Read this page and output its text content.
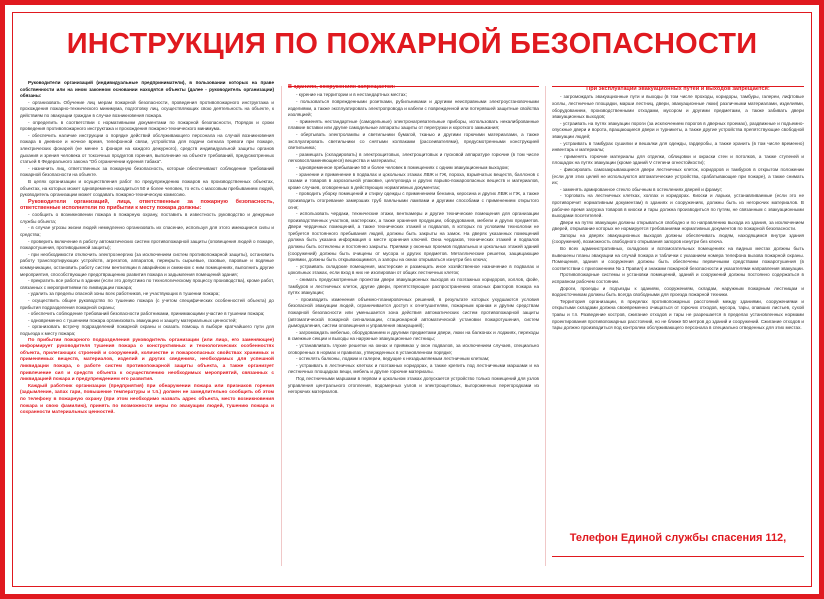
ИНСТРУКЦИЯ ПО ПОЖАРНОЙ БЕЗОПАСНОСТИ

Руководители организаций (индивидуальные предприниматели), в пользовании которых на праве собственности или на ином законном основании находятся объекты (далее - руководитель организации) обязаны:

- организовать Обучение лиц мерам пожарной безопасности, проведения противопожарного инструктажа и прохождения пожарно-технического минимума, подготовку лиц, осуществляющих свою деятельность на объекте, к действиям по эвакуации граждан в случае возникновения пожара.

- определить в соответствии с нормативными документами по пожарной безопасности, Порядок и сроки проведения противопожарного инструктажа и прохождения пожарно-технического минимума.

- обеспечить наличие инструкции о порядке действий обслуживающего персонала на случай возникновения пожара в дневное и ночное время, телефонной связи, устройства для подачи сигнала тревоги при пожаре, электрических фонарей (не менее 1 фонаря на каждого дежурного), средств индивидуальной защиты органов дыхания и зрения человека от токсичных продуктов горения, выполнение на объекте требований, предусмотренных статьей 6 Федерального закона "Об ограничении курения табака".

- назначить лиц, ответственных за пожарную безопасность, которые обеспечивают соблюдение требований пожарной безопасности на объекте.

В целях организации и осуществления работ по предупреждению пожаров на производственных объектах, объектах, на которых может одновременно находиться 50 и более человек, то есть с массовым пребыванием людей, руководитель организации может создавать пожарно-техническую комиссию.

Руководители организаций, лица, ответственные за пожарную безопасность, ответственные исполнители по прибытии к месту пожара должны:

- сообщить о возникновении пожара в пожарную охрану, поставить в известность руководство и дежурные службы объекта;

- в случае угрозы жизни людей немедленно организовать их спасение, используя для этого имеющиеся силы и средства;

- проверить включение в работу автоматических систем противопожарной защиты (оповещения людей о пожаре, пожаротушения, противодымной защиты);

- при необходимости отключить электроэнергию (за исключением систем противопожарной защиты), остановить работу транспортирующих устройств, агрегатов, аппаратов, перекрыть сырьевые, газовые, паровые и водяные коммуникации, остановить работу систем вентиляции в аварийном и смежном с ним помещениях, выполнить другие мероприятия, способствующие предотвращению развития пожара и задымления помещений здания;

- прекратить все работы в здании (если это допустимо по технологическому процессу производства), кроме работ, связанных с мероприятиями по ликвидации пожара;

- удалить за пределы опасной зоны всех работников, не участвующих в тушении пожара;

- осуществить общее руководство по тушению пожара (с учетом специфических особенностей объекта) до прибытия подразделения пожарной охраны;

- обеспечить соблюдение требований безопасности работниками, принимающими участие в тушении пожара;

- одновременно с тушением пожара организовать эвакуацию и защиту материальных ценностей;

- организовать встречу подразделений пожарной охраны и оказать помощь в выборе кратчайшего пути для подъезда к месту пожара;

По прибытии пожарного подразделения руководитель организации (или лицо, его заменяющее) информирует руководителя тушения пожара о конструктивных и технологических особенностях объекта, прилегающих строений и сооружений, количестве и пожароопасных свойствах хранимых и применяемых веществ, материалов, изделий и других сведениях, необходимых для успешной ликвидации пожара, о работе систем противопожарной защиты объекта, а также организует привлечение сил и средств объекта к осуществлению необходимых мероприятий, связанных с ликвидацией пожара и предупреждением его развития.

Каждый работник организации (предприятия) при обнаружении пожара или признаков горения (задымление, запах гари, повышение температуры и т.п.) должен не замедлительно сообщить об этом по телефону в пожарную охрану (при этом необходимо назвать адрес объекта, место возникновения пожара и свою фамилию), принять по возможности меры по эвакуации людей, тушению пожара и сохранности материальных ценностей.

В зданиях, сооружениях запрещается:

- курение на территории и в нестандартных местах;

- пользоваться поврежденными розетками, рубильниками и другими неисправными электроустановочными изделиями, а также эксплуатировать электропровода и кабели с поврежденной или потерявшей защитные свойства изоляцией;

- применять нестандартные (самодельные) электронагревательные приборы, использовать некалиброванные плавкие вставки или другие самодельные аппараты защиты от перегрузки и короткого замыкания;

- обертывать электролампы и светильники бумагой, тканью и другими горючими материалами, а также эксплуатировать светильники со снятыми колпаками (рассеивателями), предусмотренными конструкцией светильника;

- размещать (складировать) в электрощитовых, электрощитовых и пусковой аппаратуре горючие (в том числе легковоспламеняющиеся) вещества и материалы;

- одновременное пребывание 50 и более человек в помещениях с одним эвакуационным выходом;

- хранение и применение в подвалах и цокольных этажах ЛВЖ и ГЖ, пороха, взрывчатых веществ, баллонов с газами и товаров в аэрозольной упаковке, целлулоида и других взрыво-пожароопасных веществ и материалов, кроме случаев, оговоренных в действующих нормативных документах;

- проводить уборку помещений и стирку одежды с применением бензина, керосина и других ЛВЖ и ГЖ, а также производить отогревание замерзших труб паяльными лампами и другими способами с применением открытого огня;

- использовать чердаки, технические этажи, венткамеры и другие технические помещения для организации производственных участков, мастерских, а также хранения продукции, оборудования, мебели и других предметов. Двери чердачных помещений, а также технических этажей и подвалов, в которых по условиям технологии не требуется постоянного пребывания людей, должны быть закрыты на замок. На дверях указанных помещений должна быть указана информация о месте хранения ключей. Окна чердаков, технических этажей и подвалов должны быть остеклены и постоянно закрыты. Приямки у оконных проемов подвальных и цокольных этажей зданий (сооружений) должны быть очищены от мусора и других предметов. Металлические решетки, защищающие приямки, должны быть открывающимися, а запоры на окнах открываться изнутри без ключа;

- устраивать складские помещения, мастерские и размещать иное хозяйственное назначение в подвалах и цокольных этажах, если вход в них не изолирован от общих лестничных клеток;

- снимать предусмотренные проектом двери эвакуационных выходов из поэтажных коридоров, холлов, фойе, тамбуров и лестничных клеток, другие двери, препятствующие распространению опасных факторов пожара на путях эвакуации;

- производить изменения объемно-планировочных решений, в результате которых ухудшаются условия безопасной эвакуации людей, ограничивается доступ к огнетушителям, пожарным кранам и другим средствам пожарной безопасности или уменьшается зона действия автоматических систем противопожарной защиты (автоматической пожарной сигнализации, стационарной автоматической установки пожаротушения, систем дымоудаления, систем оповещения и управления эвакуацией);

- загромождать мебелью, оборудованием и другими предметами двери, люки на балконах и лоджиях, переходы в смежные секции и выходы на наружные эвакуационные лестницы;

- устанавливать глухие решетки на окнах и приямках у окон подвалов, за исключением случаев, специально оговоренных в нормах и правилах, утвержденных в установленном порядке;

- остеклять балконы, лоджии и галереи, ведущие к незадымляемым лестничным клеткам;

- устраивать в лестничных клетках и поэтажных коридорах, а также крепить под лестничными маршами и на лестничных площадках вещи, мебель и другие горючие материалы.

Под лестничными маршами в первом и цокольном этажах допускается устройство только помещений для узлов управления центрального отопления, водомерных узлов и электрощитовых, выгороженных перегородками из негорючих материалов.

При эксплуатации эвакуационных путей и выходов запрещается:

- загромождать эвакуационные пути и выходы (в том числе проходы, коридоры, тамбуры, галереи, лифтовые холлы, лестничные площадки, марши лестниц, двери, эвакуационные люки) различными материалами, изделиями, оборудованием, производственными отходами, мусором и другими предметами, а также забивать двери эвакуационных выходов;

- устраивать на путях эвакуации пороги (за исключением порогов в дверных проемах), раздвижные и подъемно-опускные двери и ворота, вращающиеся двери и турникеты, а также другие устройства препятствующие свободной эвакуации людей;

- устраивать в тамбурах сушилки и вешалки для одежды, гардеробы, а также хранить (в том числе временно) инвентарь и материалы;

- применять горючие материалы для отделки, облицовки и окраски стен и потолков, а также ступеней и площадок на путях эвакуации (кроме зданий V степени огнестойкости);

- фиксировать самозакрывающиеся двери лестничных клеток, коридоров и тамбуров в открытом положении (если для этих целей не используются автоматические устройства, срабатывающие при пожаре), а также снимать их;

- заменять армированное стекло обычным в остеклениях дверей и фрамуг;

- торговать на лестничных клетках, холлах и коридорах. Киоски и ларьки, устанавливаемые (если это не противоречит нормативным документам) в зданиях и сооружениях, должны быть из негорючих материалов. В рабочее время загрузка товаров в киоски и тары должна производиться по путям, не связанным с эвакуационными выходами посетителей.

Двери на путях эвакуации должны открываться свободно и по направлению выхода из здания, за исключением дверей, открывание которых не нормируется требованиями нормативных документов по пожарной безопасности.

Запоры на дверях эвакуационных выходов должны обеспечивать людям, находящимся внутри здания (сооружения), возможность свободного открывания запоров изнутри без ключа.

Во всех административных, складских и вспомогательных помещениях на видных местах должны быть вывешены планы эвакуации на случай пожара и таблички с указанием номера телефона вызова пожарной охраны. Помещения, здания и сооружения должны быть обеспечены первичными средствами пожаротушения (в соответствии с приложением № 1 Правил) и знаками пожарной безопасности и указателями направления эвакуации.

Противопожарные системы и установки помещений, зданий и сооружений должны постоянно содержаться в исправном рабочем состоянии.

Дороги, проезды и подъезды к зданиям, сооружениям, складам, наружным пожарным лестницам и водоисточникам должны быть всегда свободными для проезда пожарной техники.

Территория организации, в пределах противопожарных расстояний между зданиями, сооружениями и открытыми складами должна своевременно очищаться от горючих отходов, мусора, тары, опавших листьев, сухой травы и т.п. Разведение костров, сжигание отходов и тары не разрешается в пределах установленных нормами проектирования противопожарных расстояний, но не ближе 50 метров до зданий и сооружений. Сжигание отходов и тары должно производиться под контролем обслуживающего персонала в специально отведенных для этих местах.

Телефон Единой службы спасения 112,
